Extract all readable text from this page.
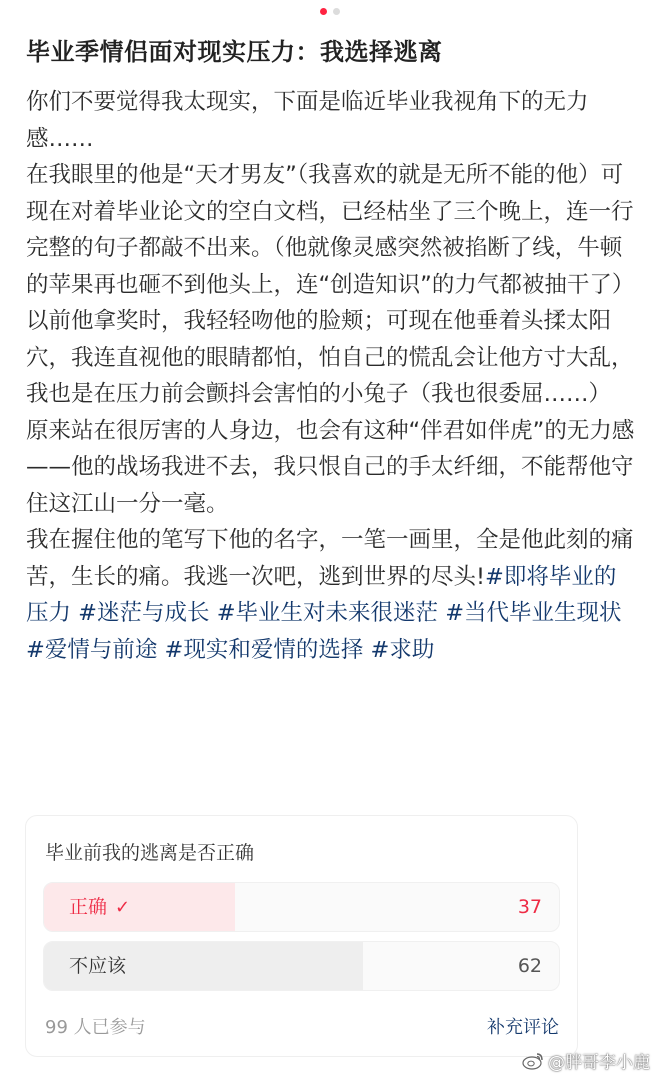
毕业季情侣面对现实压力：我选择逃离

你们不要觉得我太现实，下面是临近毕业我视角下的无力感……

在我眼里的他是“天才男友”（我喜欢的就是无所不能的他）可现在对着毕业论文的空白文档，已经枯坐了三个晚上，连一行完整的句子都敲不出来。（他就像灵感突然被掐断了线，牛顿的苹果再也砸不到他头上，连“创造知识”的力气都被抽干了）

以前他拿奖时，我轻轻吻他的脸颊；可现在他垂着头揉太阳穴，我连直视他的眼睛都怕，怕自己的慌乱会让他方寸大乱，我也是在压力前会颤抖会害怕的小兔子（我也很委屈……）

原来站在很厉害的人身边，也会有这种“伴君如伴虎”的无力感——他的战场我进不去，我只恨自己的手太纤细，不能帮他守住这江山一分一毫。

我在握住他的笔写下他的名字，一笔一画里，全是他此刻的痛苦，生长的痛。我逃一次吧，逃到世界的尽头!#即将毕业的压力 #迷茫与成长 #毕业生对未来很迷茫 #当代毕业生现状 #爱情与前途 #现实和爱情的选择 #求助

毕业前我的逃离是否正确
正确 ✓	37
不应该	62
99 人已参与	补充评论
@胖哥李小鹿
